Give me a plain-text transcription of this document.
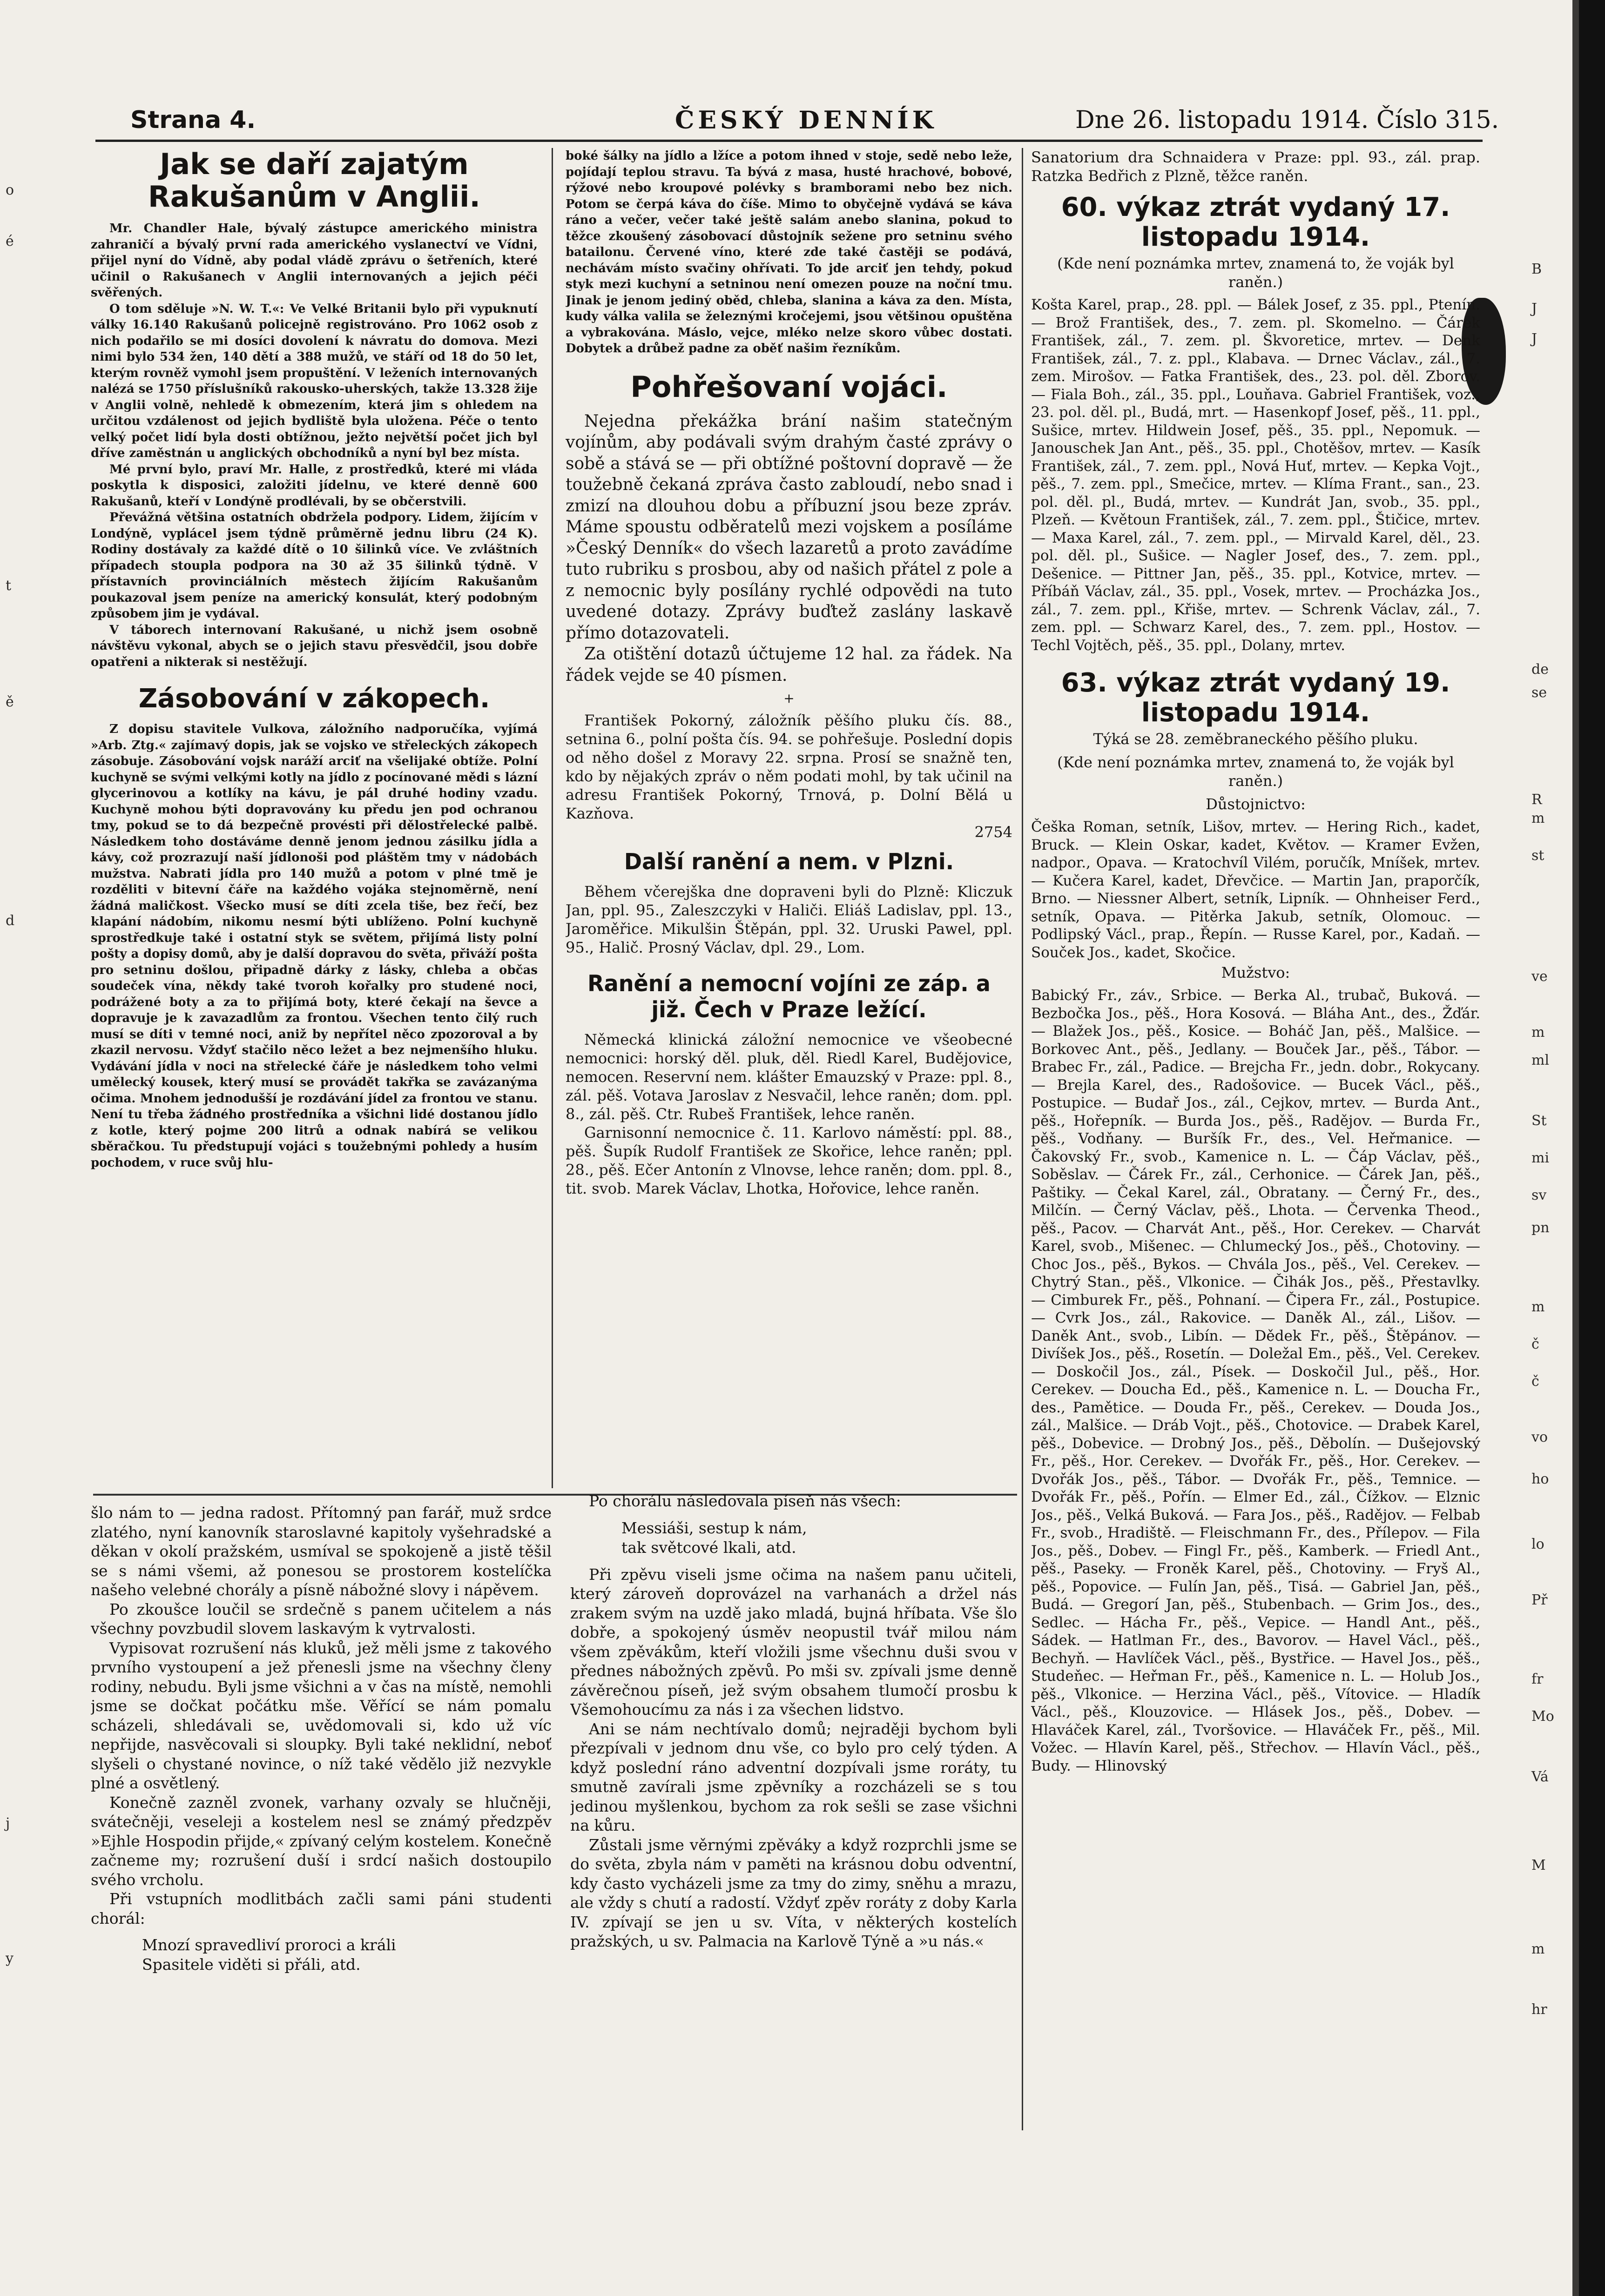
Strana 4.	ČESKÝ DENNÍK	Dne 26. listopadu 1914. Číslo 315.
Jak se daří zajatým Rakušanům v Anglii.

Mr. Chandler Hale, bývalý zástupce amerického ministra zahraničí a bývalý první rada amerického vyslanectví ve Vídni, přijel nyní do Vídně, aby podal vládě zprávu o šetřeních, které učinil o Rakušanech v Anglii internovaných a jejich péči svěřených.

O tom sděluje »N. W. T.«: Ve Velké Britanii bylo při vypuknutí války 16.140 Rakušanů policejně registrováno. Pro 1062 osob z nich podařilo se mi dosíci dovolení k návratu do domova. Mezi nimi bylo 534 žen, 140 dětí a 388 mužů, ve stáří od 18 do 50 let, kterým rovněž vymohl jsem propuštění. V leženích internovaných nalézá se 1750 příslušníků rakousko-uherských, takže 13.328 žije v Anglii volně, nehledě k obmezením, která jim s ohledem na určitou vzdálenost od jejich bydliště byla uložena. Péče o tento velký počet lidí byla dosti obtížnou, ježto největší počet jich byl dříve zaměstnán u anglických obchodníků a nyní byl bez místa.

Mé první bylo, praví Mr. Halle, z prostředků, které mi vláda poskytla k disposici, založiti jídelnu, ve které denně 600 Rakušanů, kteří v Londýně prodlévali, by se občerstvili.

Převážná většina ostatních obdržela podpory. Lidem, žijícím v Londýně, vyplácel jsem týdně průměrně jednu libru (24 K). Rodiny dostávaly za každé dítě o 10 šilinků více. Ve zvláštních případech stoupla podpora na 30 až 35 šilinků týdně. V přístavních provinciálních městech žijícím Rakušanům poukazoval jsem peníze na americký konsulát, který podobným způsobem jim je vydával.

V táborech internovaní Rakušané, u nichž jsem osobně návštěvu vykonal, abych se o jejich stavu přesvědčil, jsou dobře opatřeni a nikterak si nestěžují.

Zásobování v zákopech.

Z dopisu stavitele Vulkova, záložního nadporučíka, vyjímá »Arb. Ztg.« zajímavý dopis, jak se vojsko ve střeleckých zákopech zásobuje. Zásobování vojsk naráží arciť na všelijaké obtíže. Polní kuchyně se svými velkými kotly na jídlo z pocínované mědi s lázní glycerinovou a kotlíky na kávu, je pál druhé hodiny vzadu. Kuchyně mohou býti dopravovány ku předu jen pod ochranou tmy, pokud se to dá bezpečně provésti při dělostřelecké palbě. Následkem toho dostáváme denně jenom jednou zásilku jídla a kávy, což prozrazují naší jídlonoši pod pláštěm tmy v nádobách mužstva. Nabrati jídla pro 140 mužů a potom v plné tmě je rozděliti v bitevní čáře na každého vojáka stejnoměrně, není žádná maličkost. Všecko musí se díti zcela tiše, bez řečí, bez klapání nádobím, nikomu nesmí býti ublíženo. Polní kuchyně sprostředkuje také i ostatní styk se světem, přijímá listy polní pošty a dopisy domů, aby je další dopravou do světa, přiváží pošta pro setninu došlou, připadně dárky z lásky, chleba a občas soudeček vína, někdy také tvoroh kořalky pro studené noci, podrážené boty a za to přijímá boty, které čekají na ševce a dopravuje je k zavazadlům za frontou. Všechen tento čilý ruch musí se díti v temné noci, aniž by nepřítel něco zpozoroval a by zkazil nervosu. Vždyť stačilo něco ležet a bez nejmenšího hluku. Vydávání jídla v noci na střelecké čáře je následkem toho velmi umělecký kousek, který musí se provádět takřka se zavázanýma očima. Mnohem jednodušší je rozdávání jídel za frontou ve stanu. Není tu třeba žádného prostředníka a všichni lidé dostanou jídlo z kotle, který pojme 200 litrů a odnak nabírá se velikou sběračkou. Tu předstupují vojáci s toužebnými pohledy a husím pochodem, v ruce svůj hlu-

boké šálky na jídlo a lžíce a potom ihned v stoje, sedě nebo leže, pojídají teplou stravu. Ta bývá z masa, husté hrachové, bobové, rýžové nebo kroupové polévky s bramborami nebo bez nich. Potom se čerpá káva do číše. Mimo to obyčejně vydává se káva ráno a večer, večer také ještě salám anebo slanina, pokud to těžce zkoušený zásobovací důstojník sežene pro setninu svého batailonu. Červené víno, které zde také častěji se podává, nechávám místo svačiny ohřívati. To jde arciť jen tehdy, pokud styk mezi kuchyní a setninou není omezen pouze na noční tmu. Jinak je jenom jediný oběd, chleba, slanina a káva za den. Místa, kudy válka valila se železnými kročejemi, jsou většinou opuštěna a vybrakována. Máslo, vejce, mléko nelze skoro vůbec dostati. Dobytek a drůbež padne za oběť našim řezníkům.

Pohřešovaní vojáci.

Nejedna překážka brání našim statečným vojínům, aby podávali svým drahým časté zprávy o sobě a stává se — při obtížné poštovní dopravě — že toužebně čekaná zpráva často zabloudí, nebo snad i zmizí na dlouhou dobu a příbuzní jsou beze zpráv. Máme spoustu odběratelů mezi vojskem a posíláme »Český Denník« do všech lazaretů a proto zavádíme tuto rubriku s prosbou, aby od našich přátel z pole a z nemocnic byly posílány rychlé odpovědi na tuto uvedené dotazy. Zprávy buďtež zaslány laskavě přímo dotazovateli.

Za otištění dotazů účtujeme 12 hal. za řádek. Na řádek vejde se 40 písmen.

+

František Pokorný, záložník pěšího pluku čís. 88., setnina 6., polní pošta čís. 94. se pohřešuje. Poslední dopis od něho došel z Moravy 22. srpna. Prosí se snažně ten, kdo by nějakých zpráv o něm podati mohl, by tak učinil na adresu František Pokorný, Trnová, p. Dolní Bělá u Kazňova.

2754

Další ranění a nem. v Plzni.

Během včerejška dne dopraveni byli do Plzně: Kliczuk Jan, ppl. 95., Zaleszczyki v Haliči. Eliáš Ladislav, ppl. 13., Jaroměřice. Mikulšin Štěpán, ppl. 32. Uruski Pawel, ppl. 95., Halič. Prosný Václav, dpl. 29., Lom.

Ranění a nemocní vojíni ze záp. a již. Čech v Praze ležící.

Německá klinická záložní nemocnice ve všeobecné nemocnici: horský děl. pluk, děl. Riedl Karel, Budějovice, nemocen. Reservní nem. klášter Emauzský v Praze: ppl. 8., zál. pěš. Votava Jaroslav z Nesvačil, lehce raněn; dom. ppl. 8., zál. pěš. Ctr. Rubeš František, lehce raněn.

Garnisonní nemocnice č. 11. Karlovo náměstí: ppl. 88., pěš. Šupík Rudolf František ze Skořice, lehce raněn; ppl. 28., pěš. Ečer Antonín z Vlnovse, lehce raněn; dom. ppl. 8., tit. svob. Marek Václav, Lhotka, Hořovice, lehce raněn.

šlo nám to — jedna radost. Přítomný pan farář, muž srdce zlatého, nyní kanovník staroslavné kapitoly vyšehradské a děkan v okolí pražském, usmíval se spokojeně a jistě těšil se s námi všemi, až ponesou se prostorem kostelíčka našeho velebné chorály a písně nábožné slovy i nápěvem.

Po zkoušce loučil se srdečně s panem učitelem a nás všechny povzbudil slovem laskavým k vytrvalosti.

Vypisovat rozrušení nás kluků, jež měli jsme z takového prvního vystoupení a jež přenesli jsme na všechny členy rodiny, nebudu. Byli jsme všichni a v čas na místě, nemohli jsme se dočkat počátku mše. Věřící se nám pomalu scházeli, shledávali se, uvědomovali si, kdo už víc nepřijde, nasvěcovali si sloupky. Byli také neklidní, neboť slyšeli o chystané novince, o níž také vědělo již nezvykle plné a osvětlený.

Konečně zazněl zvonek, varhany ozvaly se hlučněji, svátečněji, veseleji a kostelem nesl se známý předzpěv »Ejhle Hospodin přijde,« zpívaný celým kostelem. Konečně začneme my; rozrušení duší i srdcí našich dostoupilo svého vrcholu.

Při vstupních modlitbách začli sami páni studenti chorál:

Mnozí spravedliví proroci a králi

Spasitele viděti si přáli, atd.

Po chorálu následovala píseň nás všech:

Messiáši, sestup k nám,

tak světcové lkali, atd.

Při zpěvu viseli jsme očima na našem panu učiteli, který zároveň doprovázel na varhanách a držel nás zrakem svým na uzdě jako mladá, bujná hříbata. Vše šlo dobře, a spokojený úsměv neopustil tvář milou nám všem zpěvákům, kteří vložili jsme všechnu duši svou v přednes nábožných zpěvů. Po mši sv. zpívali jsme denně závěrečnou píseň, jež svým obsahem tlumočí prosbu k Všemohoucímu za nás i za všechen lidstvo.

Ani se nám nechtívalo domů; nejraději bychom byli přezpívali v jednom dnu vše, co bylo pro celý týden. A když poslední ráno adventní dozpívali jsme roráty, tu smutně zavírali jsme zpěvníky a rozcházeli se s tou jedinou myšlenkou, bychom za rok sešli se zase všichni na kůru.

Zůstali jsme věrnými zpěváky a když rozprchli jsme se do světa, zbyla nám v paměti na krásnou dobu odventní, kdy často vycházeli jsme za tmy do zimy, sněhu a mrazu, ale vždy s chutí a radostí. Vždyť zpěv roráty z doby Karla IV. zpívají se jen u sv. Víta, v některých kostelích pražských, u sv. Palmacia na Karlově Týně a »u nás.«

Sanatorium dra Schnaidera v Praze: ppl. 93., zál. prap. Ratzka Bedřich z Plzně, těžce raněn.

60. výkaz ztrát vydaný 17. listopadu 1914.

(Kde není poznámka mrtev, znamená to, že voják byl raněn.)

Košta Karel, prap., 28. ppl. — Bálek Josef, z 35. ppl., Ptenín. — Brož František, des., 7. zem. pl. Skomelno. — Čárek František, zál., 7. zem. pl. Škvoretice, mrtev. — Denk František, zál., 7. z. ppl., Klabava. — Drnec Václav., zál., 7. zem. Mirošov. — Fatka František, des., 23. pol. děl. Zborov. — Fiala Boh., zál., 35. ppl., Louňava. Gabriel František, voz., 23. pol. děl. pl., Budá, mrt. — Hasenkopf Josef, pěš., 11. ppl., Sušice, mrtev. Hildwein Josef, pěš., 35. ppl., Nepomuk. — Janouschek Jan Ant., pěš., 35. ppl., Chotěšov, mrtev. — Kasík František, zál., 7. zem. ppl., Nová Huť, mrtev. — Kepka Vojt., pěš., 7. zem. ppl., Smečice, mrtev. — Klíma Frant., san., 23. pol. děl. pl., Budá, mrtev. — Kundrát Jan, svob., 35. ppl., Plzeň. — Květoun František, zál., 7. zem. ppl., Štičice, mrtev. — Maxa Karel, zál., 7. zem. ppl., — Mirvald Karel, děl., 23. pol. děl. pl., Sušice. — Nagler Josef, des., 7. zem. ppl., Dešenice. — Pittner Jan, pěš., 35. ppl., Kotvice, mrtev. — Příbáň Václav, zál., 35. ppl., Vosek, mrtev. — Procházka Jos., zál., 7. zem. ppl., Křiše, mrtev. — Schrenk Václav, zál., 7. zem. ppl. — Schwarz Karel, des., 7. zem. ppl., Hostov. — Techl Vojtěch, pěš., 35. ppl., Dolany, mrtev.

63. výkaz ztrát vydaný 19. listopadu 1914.

Týká se 28. zeměbraneckého pěšího pluku.

(Kde není poznámka mrtev, znamená to, že voják byl raněn.)

Důstojnictvo:

Češka Roman, setník, Lišov, mrtev. — Hering Rich., kadet, Bruck. — Klein Oskar, kadet, Květov. — Kramer Evžen, nadpor., Opava. — Kratochvíl Vilém, poručík, Mníšek, mrtev. — Kučera Karel, kadet, Dřevčice. — Martin Jan, praporčík, Brno. — Niessner Albert, setník, Lipník. — Ohnheiser Ferd., setník, Opava. — Pitěrka Jakub, setník, Olomouc. — Podlipský Václ., prap., Řepín. — Russe Karel, por., Kadaň. — Souček Jos., kadet, Skočice.

Mužstvo:

Babický Fr., záv., Srbice. — Berka Al., trubač, Buková. — Bezbočka Jos., pěš., Hora Kosová. — Bláha Ant., des., Žďár. — Blažek Jos., pěš., Kosice. — Boháč Jan, pěš., Malšice. — Borkovec Ant., pěš., Jedlany. — Bouček Jar., pěš., Tábor. — Brabec Fr., zál., Padice. — Brejcha Fr., jedn. dobr., Rokycany. — Brejla Karel, des., Radošovice. — Bucek Václ., pěš., Postupice. — Budař Jos., zál., Cejkov, mrtev. — Burda Ant., pěš., Hořepník. — Burda Jos., pěš., Radějov. — Burda Fr., pěš., Vodňany. — Buršík Fr., des., Vel. Heřmanice. — Čakovský Fr., svob., Kamenice n. L. — Čáp Václav, pěš., Soběslav. — Čárek Fr., zál., Cerhonice. — Čárek Jan, pěš., Paštiky. — Čekal Karel, zál., Obratany. — Černý Fr., des., Milčín. — Černý Václav, pěš., Lhota. — Červenka Theod., pěš., Pacov. — Charvát Ant., pěš., Hor. Cerekev. — Charvát Karel, svob., Mišenec. — Chlumecký Jos., pěš., Chotoviny. — Choc Jos., pěš., Bykos. — Chvála Jos., pěš., Vel. Cerekev. — Chytrý Stan., pěš., Vlkonice. — Čihák Jos., pěš., Přestavlky. — Cimburek Fr., pěš., Pohnaní. — Čipera Fr., zál., Postupice. — Cvrk Jos., zál., Rakovice. — Daněk Al., zál., Lišov. — Daněk Ant., svob., Libín. — Dědek Fr., pěš., Štěpánov. — Divíšek Jos., pěš., Rosetín. — Doležal Em., pěš., Vel. Cerekev. — Doskočil Jos., zál., Písek. — Doskočil Jul., pěš., Hor. Cerekev. — Doucha Ed., pěš., Kamenice n. L. — Doucha Fr., des., Pamětice. — Douda Fr., pěš., Cerekev. — Douda Jos., zál., Malšice. — Dráb Vojt., pěš., Chotovice. — Drabek Karel, pěš., Dobevice. — Drobný Jos., pěš., Děbolín. — Dušejovský Fr., pěš., Hor. Cerekev. — Dvořák Fr., pěš., Hor. Cerekev. — Dvořák Jos., pěš., Tábor. — Dvořák Fr., pěš., Temnice. — Dvořák Fr., pěš., Pořín. — Elmer Ed., zál., Čížkov. — Elznic Jos., pěš., Velká Buková. — Fara Jos., pěš., Radějov. — Felbab Fr., svob., Hradiště. — Fleischmann Fr., des., Přílepov. — Fila Jos., pěš., Dobev. — Fingl Fr., pěš., Kamberk. — Friedl Ant., pěš., Paseky. — Froněk Karel, pěš., Chotoviny. — Fryš Al., pěš., Popovice. — Fulín Jan, pěš., Tisá. — Gabriel Jan, pěš., Budá. — Gregorí Jan, pěš., Stubenbach. — Grim Jos., des., Sedlec. — Hácha Fr., pěš., Vepice. — Handl Ant., pěš., Sádek. — Hatlman Fr., des., Bavorov. — Havel Václ., pěš., Bechyň. — Havlíček Václ., pěš., Bystřice. — Havel Jos., pěš., Studeňec. — Heřman Fr., pěš., Kamenice n. L. — Holub Jos., pěš., Vlkonice. — Herzina Václ., pěš., Vítovice. — Hladík Václ., pěš., Klouzovice. — Hlásek Jos., pěš., Dobev. — Hlaváček Karel, zál., Tvoršovice. — Hlaváček Fr., pěš., Mil. Vožec. — Hlavín Karel, pěš., Střechov. — Hlavín Václ., pěš., Budy. — Hlinovský

o
é
t
ě
d
j
y
B
J
J
de
se
R
m
st
ve
m
ml
St
mi
sv
pn
m
č
č
vo
ho
lo
Př
fr
Mo
Vá
M
m
hr
